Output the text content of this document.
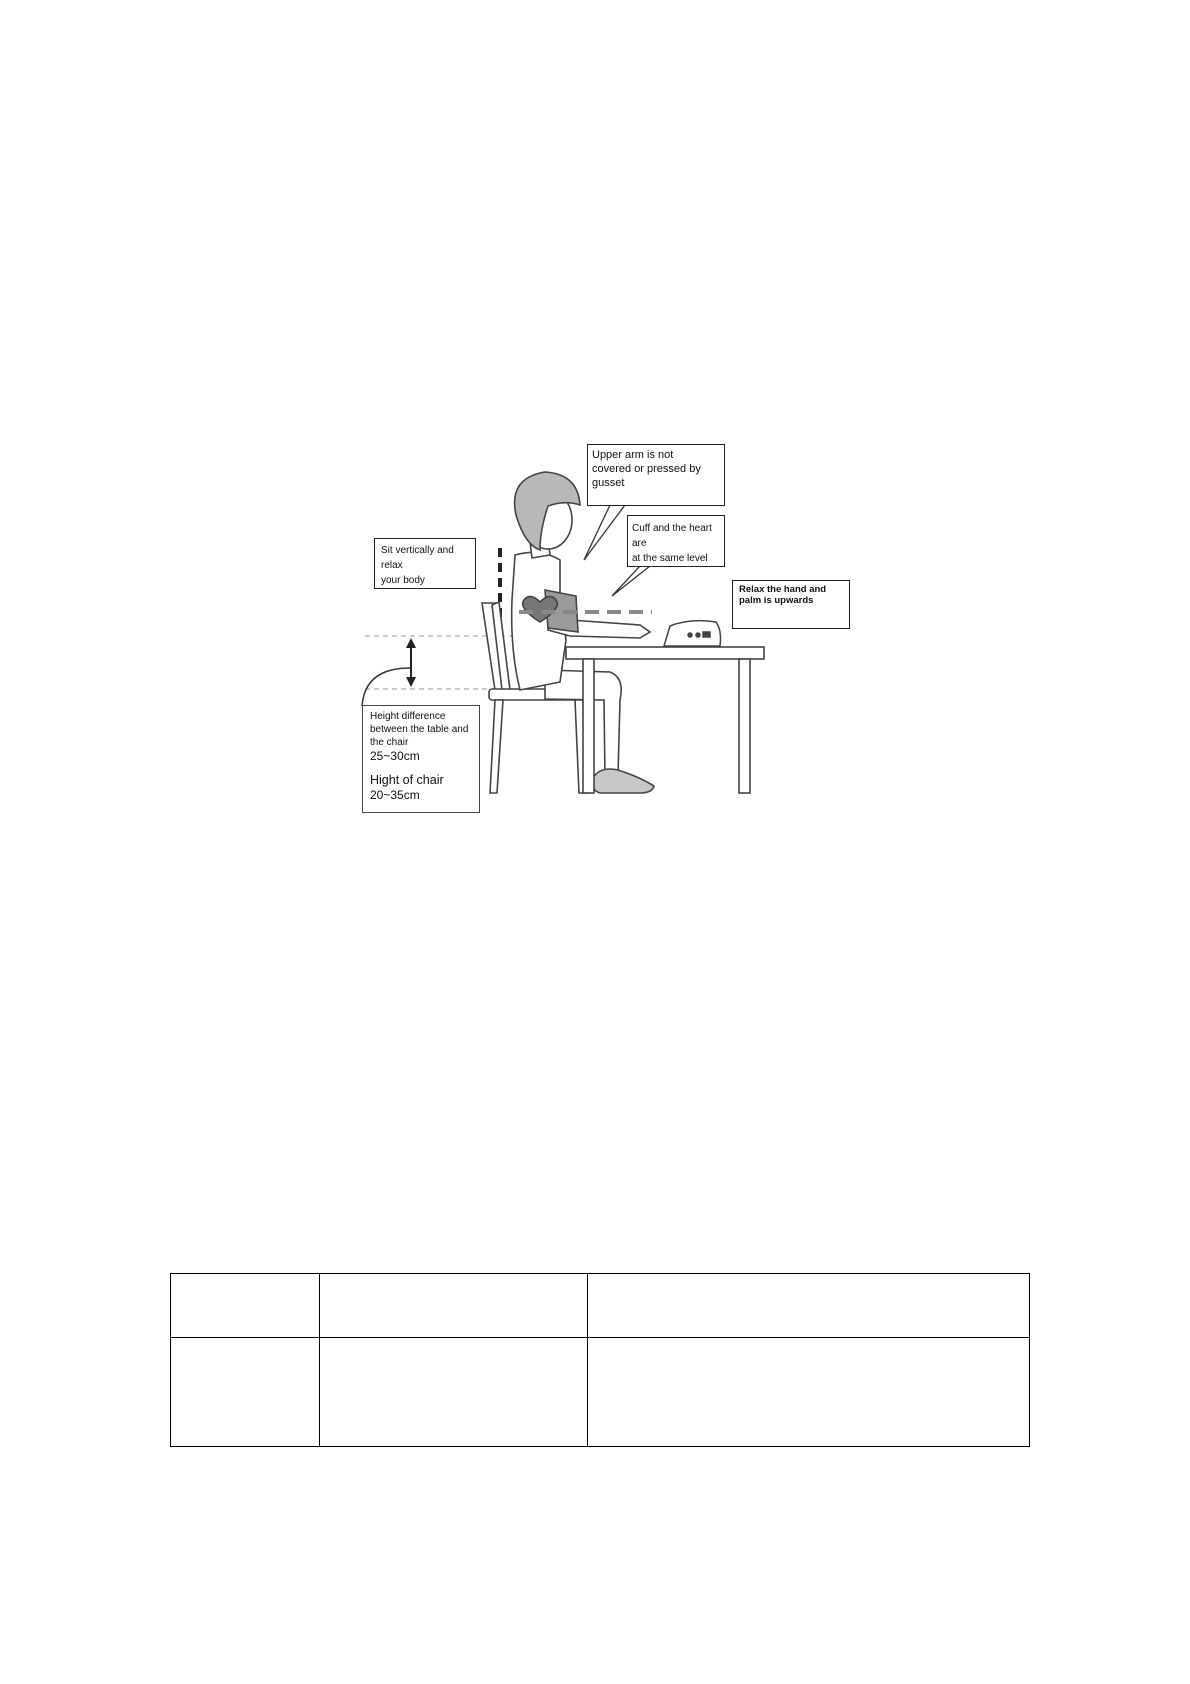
Sit vertically and relax
your body
Upper arm is not
covered or pressed by
gusset
Cuff and the heart are
at the same level
Relax the hand and
palm is upwards
Height difference
between the table and
the chair
25~30cm
Hight of chair
20~35cm
